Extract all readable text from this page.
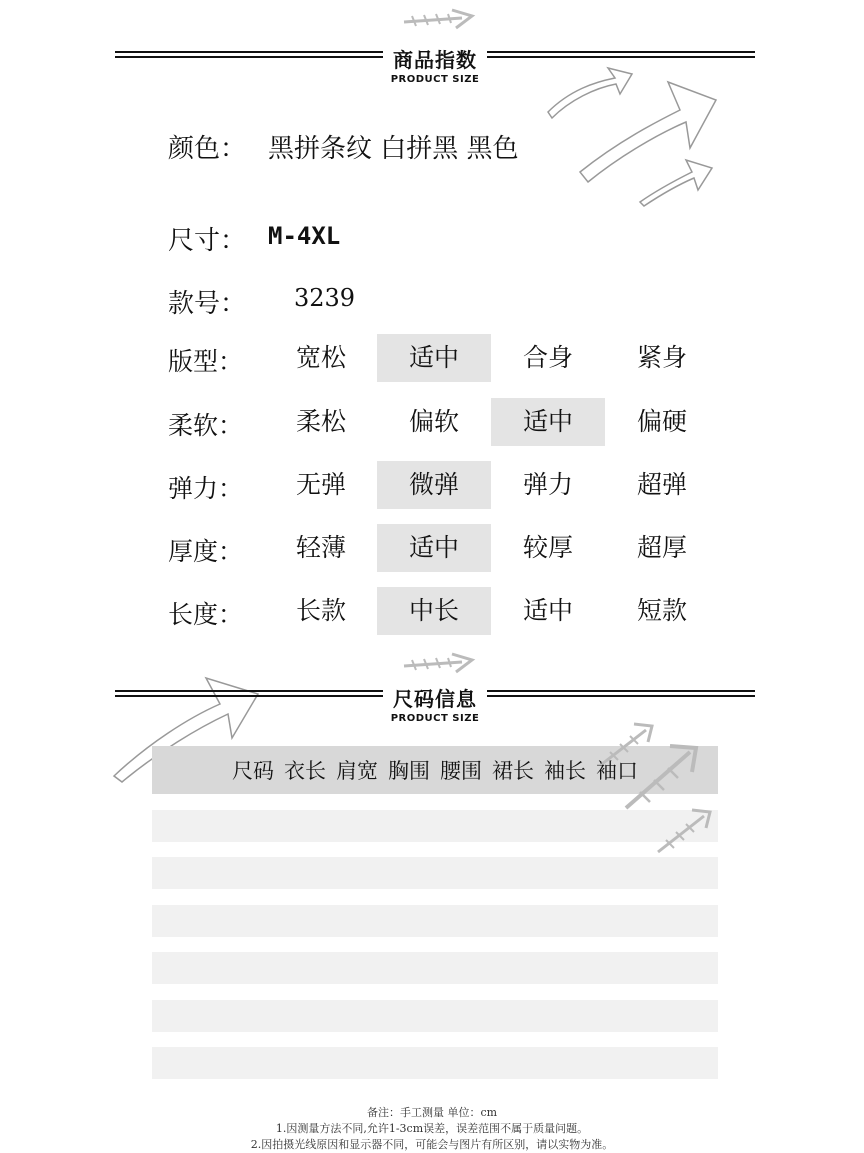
商品指数
PRODUCT SIZE
颜色： 黑拼条纹 白拼黑 黑色
尺寸： M-4XL
款号： 3239
版型：	宽松	适中	合身	紧身
柔软：	柔松	偏软	适中	偏硬
弹力：	无弹	微弹	弹力	超弹
厚度：	轻薄	适中	较厚	超厚
长度：	长款	中长	适中	短款
尺码信息
PRODUCT SIZE
尺码 衣长 肩宽 胸围 腰围 裙长 袖长 袖口
备注：手工测量 单位：cm
1.因测量方法不同,允许1-3cm误差，误差范围不属于质量问题。
2.因拍摄光线原因和显示器不同，可能会与图片有所区别，请以实物为准。
